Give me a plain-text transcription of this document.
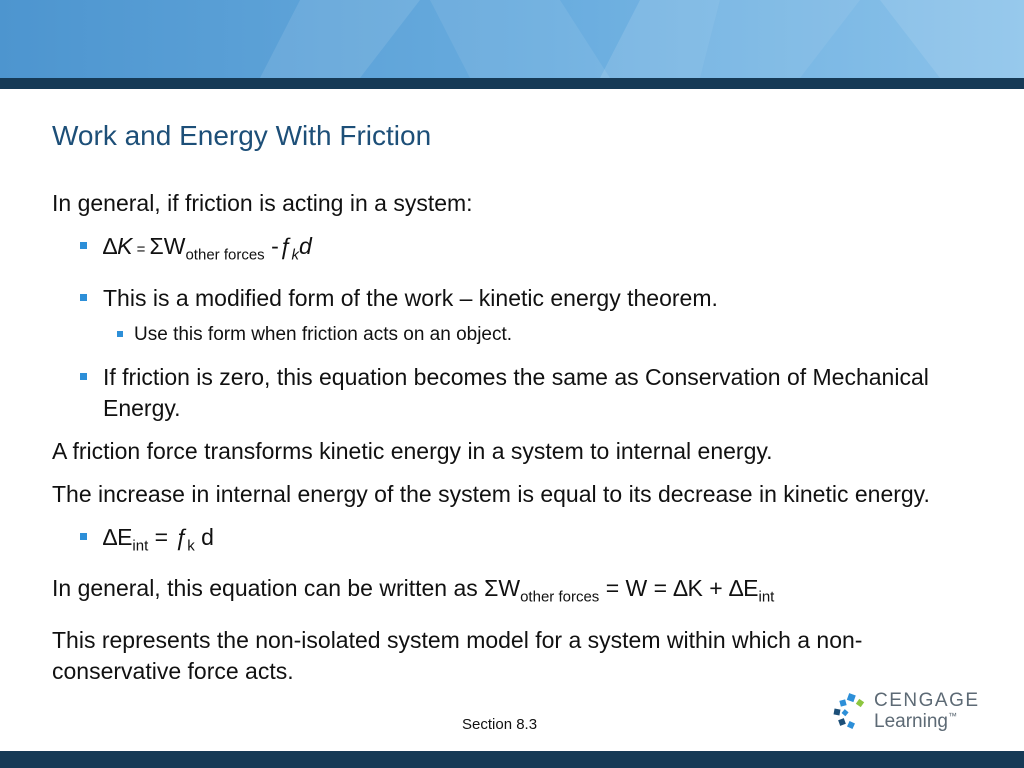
Work and Energy With Friction

In general, if friction is acting in a system:

$\Delta K = \Sigma W_{other forces}$ $-ƒ_kd$
This is a modified form of the work – kinetic energy theorem.
Use this form when friction acts on an object.
If friction is zero, this equation becomes the same as Conservation of Mechanical Energy.

A friction force transforms kinetic energy in a system to internal energy.

The increase in internal energy of the system is equal to its decrease in kinetic energy.

$\Delta E_{int}$ = $ƒ_k$ d

In general, this equation can be written as $\Sigma W_{other forces} = W = \Delta K + \Delta E_{int}$

This represents the non-isolated system model for a system within which a non-conservative force acts.

Section 8.3
CENGAGE
Learning™
